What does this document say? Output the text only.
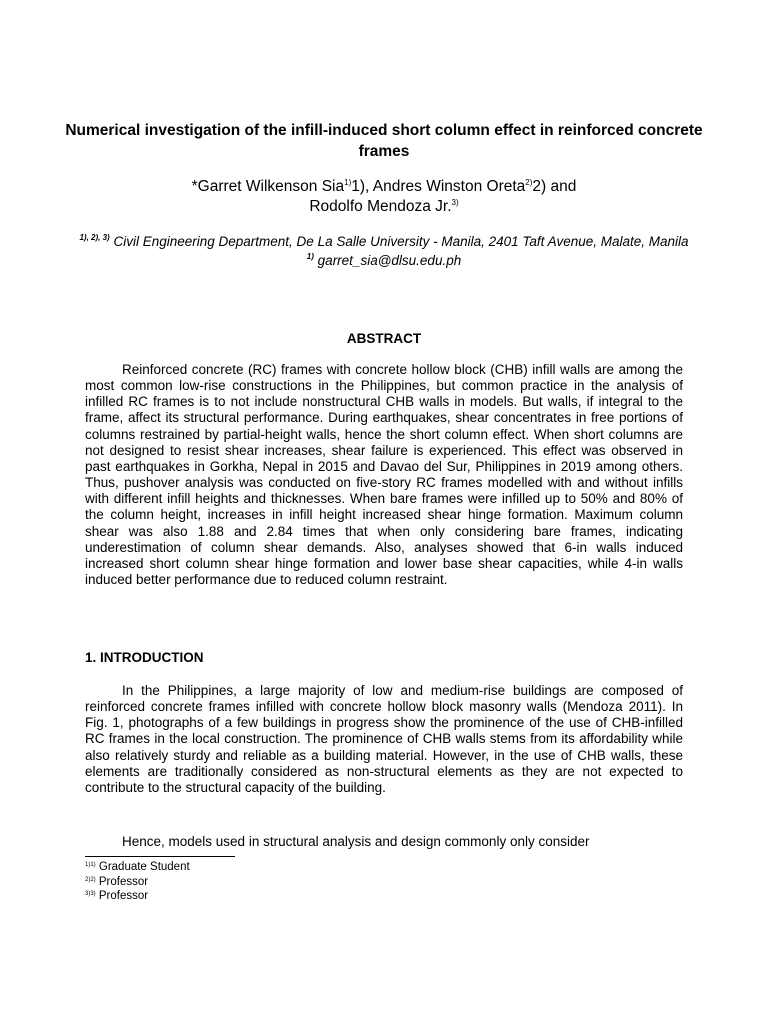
Numerical investigation of the infill-induced short column effect in reinforced concrete frames
*Garret Wilkenson Sia$^{1)}$1), Andres Winston Oreta$^{2)}$2) and
Rodolfo Mendoza Jr.$^{3)}$
$^{1), 2), 3)}$ Civil Engineering Department, De La Salle University - Manila, 2401 Taft Avenue, Malate, Manila
$^{1)}$ garret_sia@dlsu.edu.ph
ABSTRACT

Reinforced concrete (RC) frames with concrete hollow block (CHB) infill walls are among the most common low-rise constructions in the Philippines, but common practice in the analysis of infilled RC frames is to not include nonstructural CHB walls in models. But walls, if integral to the frame, affect its structural performance. During earthquakes, shear concentrates in free portions of columns restrained by partial-height walls, hence the short column effect. When short columns are not designed to resist shear increases, shear failure is experienced. This effect was observed in past earthquakes in Gorkha, Nepal in 2015 and Davao del Sur, Philippines in 2019 among others. Thus, pushover analysis was conducted on five-story RC frames modelled with and without infills with different infill heights and thicknesses. When bare frames were infilled up to 50% and 80% of the column height, increases in infill height increased shear hinge formation. Maximum column shear was also 1.88 and 2.84 times that when only considering bare frames, indicating underestimation of column shear demands. Also, analyses showed that 6-in walls induced increased short column shear hinge formation and lower base shear capacities, while 4-in walls induced better performance due to reduced column restraint.

1. INTRODUCTION

In the Philippines, a large majority of low and medium-rise buildings are composed of reinforced concrete frames infilled with concrete hollow block masonry walls (Mendoza 2011). In Fig. 1, photographs of a few buildings in progress show the prominence of the use of CHB-infilled RC frames in the local construction. The prominence of CHB walls stems from its affordability while also relatively sturdy and reliable as a building material. However, in the use of CHB walls, these elements are traditionally considered as non-structural elements as they are not expected to contribute to the structural capacity of the building.

Hence, models used in structural analysis and design commonly only consider

$^{1)1)}$ Graduate Student
$^{2)2)}$ Professor
$^{3)3)}$ Professor
